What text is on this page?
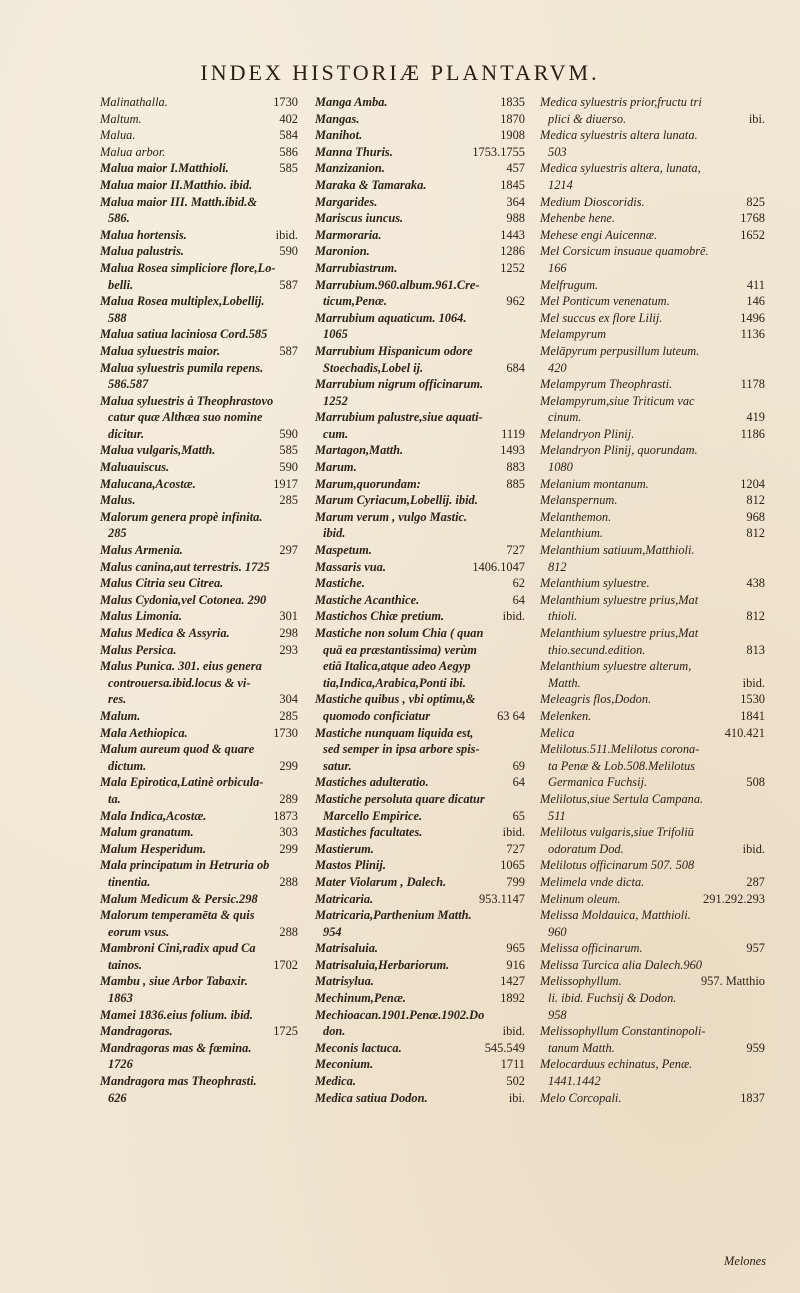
INDEX HISTORIÆ PLANTARVM.
1730
Malinathalla.
402
Maltum.
584
Malua.
586
Malua arbor.
585
Malua maior I.Matthioli.
Malua maior II.Matthio. ibid.
Malua maior III. Matth.ibid.&
586.
ibid.
Malua hortensis.
590
Malua palustris.
Malua Rosea simpliciore flore,Lo-
587
belli.
Malua Rosea multiplex,Lobellij.
588
Malua satiua laciniosa Cord.585
587
Malua syluestris maior.
Malua syluestris pumila repens.
586.587
Malua syluestris à Theophrastovo
catur quæ Althæa suo nomine
590
dicitur.
585
Malua vulgaris,Matth.
590
Maluauiscus.
1917
Malucana,Acostæ.
285
Malus.
Malorum genera propè infinita.
285
297
Malus Armenia.
Malus canina,aut terrestris. 1725
Malus Citria seu Citrea.
Malus Cydonia,vel Cotonea. 290
301
Malus Limonia.
298
Malus Medica & Assyria.
293
Malus Persica.
Malus Punica. 301. eius genera
controuersa.ibid.locus & vi-
304
res.
285
Malum.
1730
Mala Aethiopica.
Malum aureum quod & quare
299
dictum.
Mala Epirotica,Latinè orbicula-
289
ta.
1873
Mala Indica,Acostæ.
303
Malum granatum.
299
Malum Hesperidum.
Mala principatum in Hetruria ob
288
tinentia.
Malum Medicum & Persic.298
Malorum temperamēta & quis
288
eorum vsus.
Mambroni Cini,radix apud Ca
1702
tainos.
Mambu , siue Arbor Tabaxir.
1863
Mamei 1836.eius folium. ibid.
1725
Mandragoras.
Mandragoras mas & fœmina.
1726
Mandragora mas Theophrasti.
626
1835
Manga Amba.
1870
Mangas.
1908
Manihot.
1753.1755
Manna Thuris.
457
Manzizanion.
1845
Maraka & Tamaraka.
364
Margarides.
988
Mariscus iuncus.
1443
Marmoraria.
1286
Maronion.
1252
Marrubiastrum.
Marrubium.960.album.961.Cre-
962
ticum,Penæ.
Marrubium aquaticum. 1064.
1065
Marrubium Hispanicum odore
684
Stoechadis,Lobel ij.
Marrubium nigrum officinarum.
1252
Marrubium palustre,siue aquati-
1119
cum.
1493
Martagon,Matth.
883
Marum.
885
Marum,quorundam:
Marum Cyriacum,Lobellij. ibid.
Marum verum , vulgo Mastic.
ibid.
727
Maspetum.
1406.1047
Massaris vua.
62
Mastiche.
64
Mastiche Acanthice.
ibid.
Mastichos Chiæ pretium.
Mastiche non solum Chia ( quan
quā ea præstantissima) verùm
etiā Italica,atque adeo Aegyp
tia,Indica,Arabica,Ponti ibi.
Mastiche quibus , vbi optimu,&
63 64
quomodo conficiatur
Mastiche nunquam liquida est,
sed semper in ipsa arbore spis-
69
satur.
64
Mastiches adulteratio.
Mastiche persoluta quare dicatur
65
Marcello Empirice.
ibid.
Mastiches facultates.
727
Mastierum.
1065
Mastos Plinij.
799
Mater Violarum , Dalech.
953.1147
Matricaria.
Matricaria,Parthenium Matth.
954
965
Matrisaluia.
916
Matrisaluia,Herbariorum.
1427
Matrisylua.
1892
Mechinum,Penæ.
Mechioacan.1901.Penæ.1902.Do
ibid.
don.
545.549
Meconis lactuca.
1711
Meconium.
502
Medica.
ibi.
Medica satiua Dodon.
Medica syluestris prior,fructu tri
ibi.
plici & diuerso.
Medica syluestris altera lunata.
503
Medica syluestris altera, lunata,
1214
825
Medium Dioscoridis.
1768
Mehenbe hene.
1652
Mehese engi Auicennæ.
Mel Corsicum insuaue quamobrē.
166
411
Melfrugum.
146
Mel Ponticum venenatum.
1496
Mel succus ex flore Lilij.
1136
Melampyrum
Melāpyrum perpusillum luteum.
420
1178
Melampyrum Theophrasti.
Melampyrum,siue Triticum vac
419
cinum.
1186
Melandryon Plinij.
Melandryon Plinij, quorundam.
1080
1204
Melanium montanum.
812
Melanspernum.
968
Melanthemon.
812
Melanthium.
Melanthium satiuum,Matthioli.
812
438
Melanthium syluestre.
Melanthium syluestre prius,Mat
812
thioli.
Melanthium syluestre prius,Mat
813
thio.secund.edition.
Melanthium syluestre alterum,
ibid.
Matth.
1530
Meleagris flos,Dodon.
1841
Melenken.
410.421
Melica
Melilotus.511.Melilotus corona-
ta Penæ & Lob.508.Melilotus
508
Germanica Fuchsij.
Melilotus,siue Sertula Campana.
511
Melilotus vulgaris,siue Trifoliū
ibid.
odoratum Dod.
Melilotus officinarum 507. 508
287
Melimela vnde dicta.
291.292.293
Melinum oleum.
Melissa Moldauica, Matthioli.
960
957
Melissa officinarum.
Melissa Turcica alia Dalech.960
957. Matthio
Melissophyllum.
li. ibid. Fuchsij & Dodon.
958
Melissophyllum Constantinopoli-
959
tanum Matth.
Melocarduus echinatus, Penæ.
1441.1442
1837
Melo Corcopali.
Melones
